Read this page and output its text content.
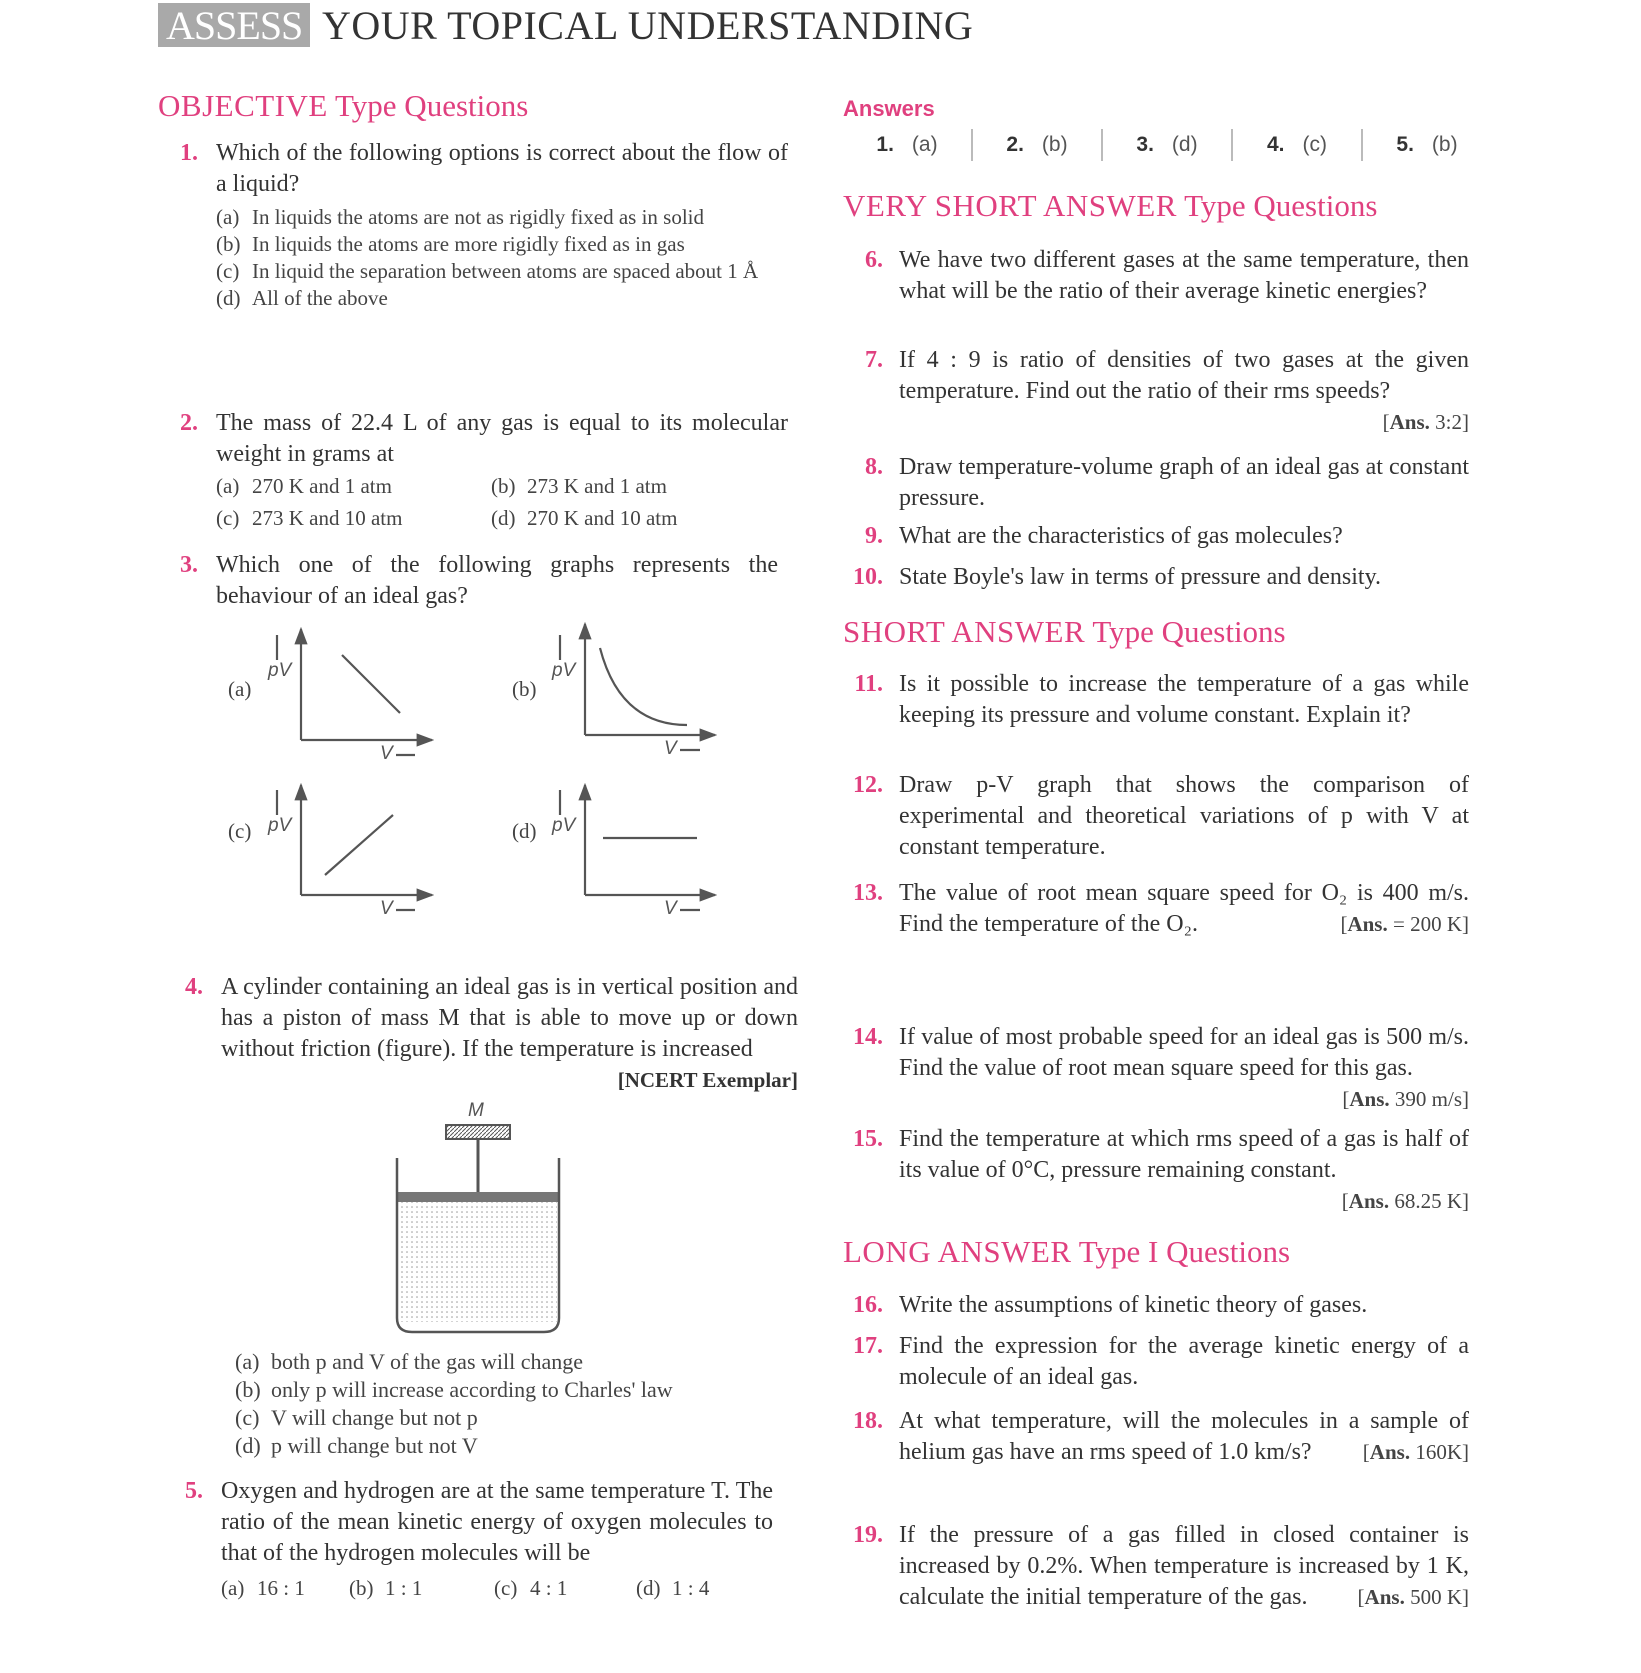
ASSESS YOUR TOPICAL UNDERSTANDING
OBJECTIVE Type Questions
1. Which of the following options is correct about the flow of a liquid?
(a) In liquids the atoms are not as rigidly fixed as in solid
(b) In liquids the atoms are more rigidly fixed as in gas
(c) In liquid the separation between atoms are spaced about 1 Å
(d) All of the above
2. The mass of 22.4 L of any gas is equal to its molecular weight in grams at
(a) 270 K and 1 atm	(b) 273 K and 1 atm
(c) 273 K and 10 atm	(d) 270 K and 10 atm
3. Which one of the following graphs represents the behaviour of an ideal gas?
(a)
pV
V
(b)
pV
V
(c) pV
V
(d) pV
V
4. A cylinder containing an ideal gas is in vertical position and has a piston of mass M that is able to move up or down without friction (figure). If the temperature is increased
[NCERT Exemplar]
M
(a) both p and V of the gas will change
(b) only p will increase according to Charles' law
(c) V will change but not p
(d) p will change but not V
5. Oxygen and hydrogen are at the same temperature T. The ratio of the mean kinetic energy of oxygen molecules to that of the hydrogen molecules will be
(a) 16 : 1 (b) 1 : 1	(c) 4 : 1	(d) 1 : 4
Answers
1. (a)	2. (b)	3. (d)	4. (c)	5. (b)
VERY SHORT ANSWER Type Questions
SHORT ANSWER Type Questions
LONG ANSWER Type I Questions
6. We have two different gases at the same temperature, then what will be the ratio of their average kinetic energies?
7. If 4 : 9 is ratio of densities of two gases at the given temperature. Find out the ratio of their rms speeds?
[Ans. 3:2]
8. Draw temperature-volume graph of an ideal gas at constant pressure.
9. What are the characteristics of gas molecules?
10. State Boyle's law in terms of pressure and density.
11. Is it possible to increase the temperature of a gas while keeping its pressure and volume constant. Explain it?
12. Draw p-V graph that shows the comparison of experimental and theoretical variations of p with V at constant temperature.
13. The value of root mean square speed for O₂ is 400 m/s. Find the temperature of the O₂.	[Ans. = 200 K]
14. If value of most probable speed for an ideal gas is 500 m/s. Find the value of root mean square speed for this gas.
[Ans. 390 m/s]
15. Find the temperature at which rms speed of a gas is half of its value of 0°C, pressure remaining constant.
[Ans. 68.25 K]
16. Write the assumptions of kinetic theory of gases.
17. Find the expression for the average kinetic energy of a molecule of an ideal gas.
18. At what temperature, will the molecules in a sample of helium gas have an rms speed of 1.0 km/s? [Ans. 160K]
19. If the pressure of a gas filled in closed container is increased by 0.2%. When temperature is increased by 1 K, calculate the initial temperature of the gas. [Ans. 500 K]
